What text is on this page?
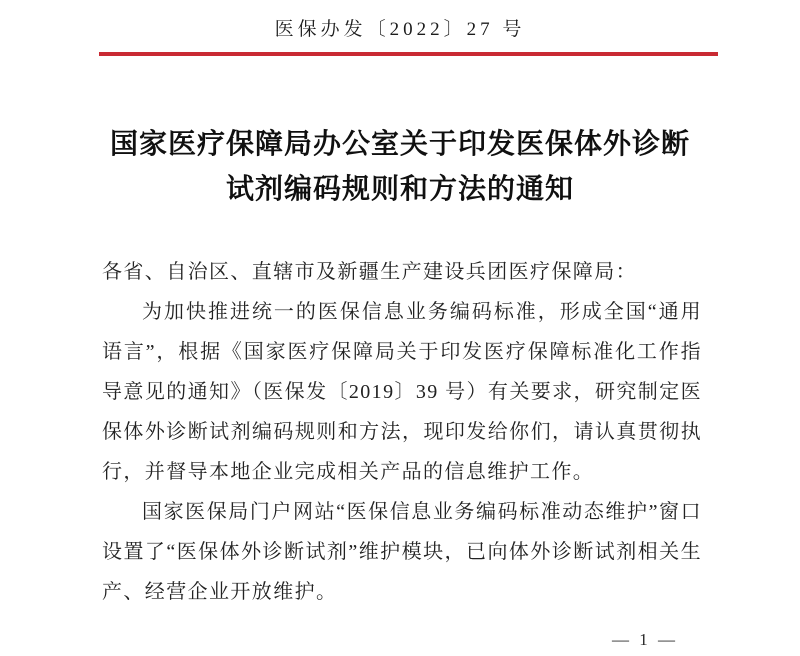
医保办发〔2022〕27 号
国家医疗保障局办公室关于印发医保体外诊断
试剂编码规则和方法的通知

各省、自治区、直辖市及新疆生产建设兵团医疗保障局：

为加快推进统一的医保信息业务编码标准，形成全国“通用语言”，根据《国家医疗保障局关于印发医疗保障标准化工作指导意见的通知》（医保发〔2019〕39 号）有关要求，研究制定医保体外诊断试剂编码规则和方法，现印发给你们，请认真贯彻执行，并督导本地企业完成相关产品的信息维护工作。

国家医保局门户网站“医保信息业务编码标准动态维护”窗口设置了“医保体外诊断试剂”维护模块，已向体外诊断试剂相关生产、经营企业开放维护。

— 1 —
